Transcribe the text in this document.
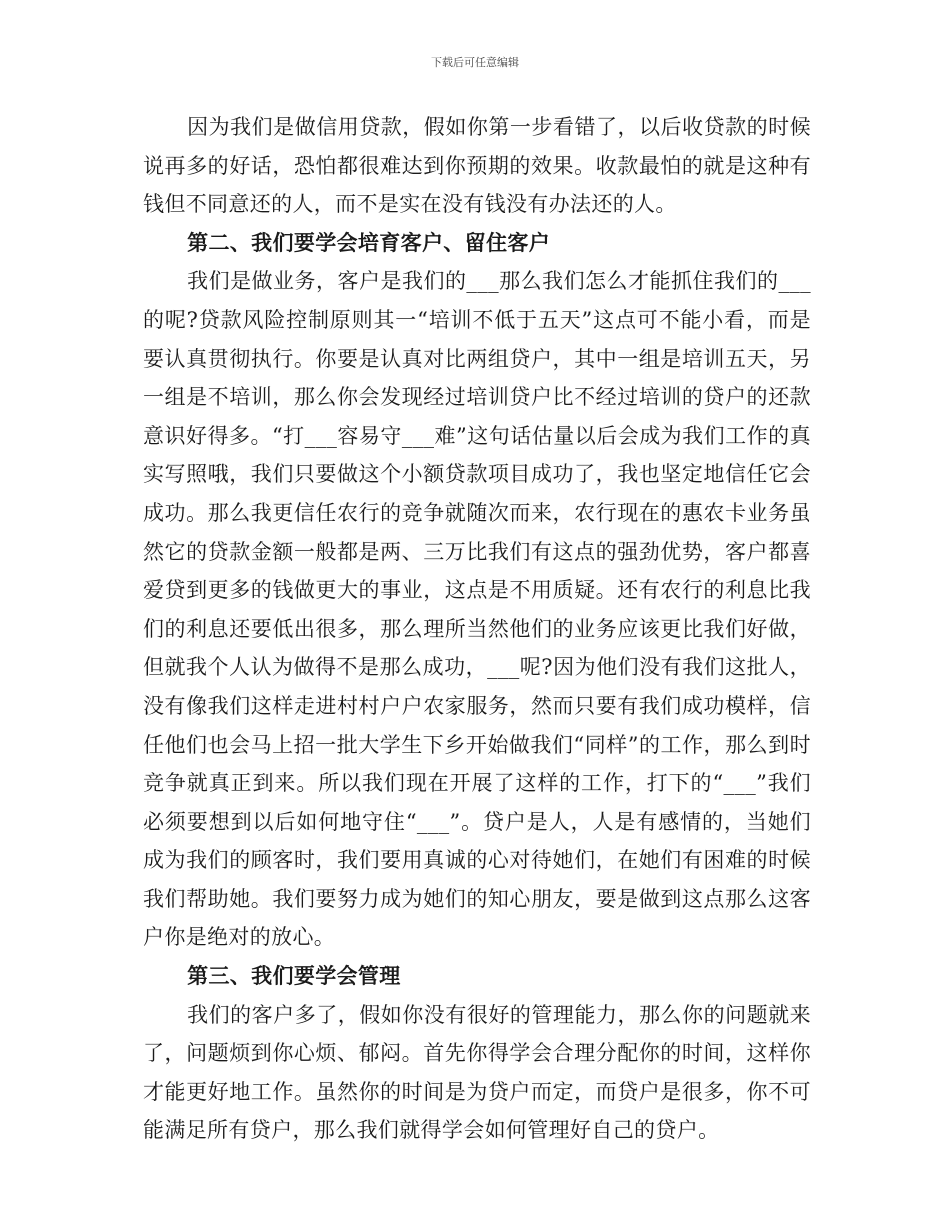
下载后可任意编辑

因为我们是做信用贷款，假如你第一步看错了，以后收贷款的时候说再多的好话，恐怕都很难达到你预期的效果。收款最怕的就是这种有钱但不同意还的人，而不是实在没有钱没有办法还的人。

第二、我们要学会培育客户、留住客户

我们是做业务，客户是我们的___那么我们怎么才能抓住我们的___的呢?贷款风险控制原则其一“培训不低于五天”这点可不能小看，而是要认真贯彻执行。你要是认真对比两组贷户，其中一组是培训五天，另一组是不培训，那么你会发现经过培训贷户比不经过培训的贷户的还款意识好得多。“打___容易守___难”这句话估量以后会成为我们工作的真实写照哦，我们只要做这个小额贷款项目成功了，我也坚定地信任它会成功。那么我更信任农行的竞争就随次而来，农行现在的惠农卡业务虽然它的贷款金额一般都是两、三万比我们有这点的强劲优势，客户都喜爱贷到更多的钱做更大的事业，这点是不用质疑。还有农行的利息比我们的利息还要低出很多，那么理所当然他们的业务应该更比我们好做，但就我个人认为做得不是那么成功，___呢?因为他们没有我们这批人，没有像我们这样走进村村户户农家服务，然而只要有我们成功模样，信任他们也会马上招一批大学生下乡开始做我们“同样”的工作，那么到时竞争就真正到来。所以我们现在开展了这样的工作，打下的“___”我们必须要想到以后如何地守住“___”。贷户是人，人是有感情的，当她们成为我们的顾客时，我们要用真诚的心对待她们，在她们有困难的时候我们帮助她。我们要努力成为她们的知心朋友，要是做到这点那么这客户你是绝对的放心。

第三、我们要学会管理

我们的客户多了，假如你没有很好的管理能力，那么你的问题就来了，问题烦到你心烦、郁闷。首先你得学会合理分配你的时间，这样你才能更好地工作。虽然你的时间是为贷户而定，而贷户是很多，你不可能满足所有贷户，那么我们就得学会如何管理好自己的贷户。
